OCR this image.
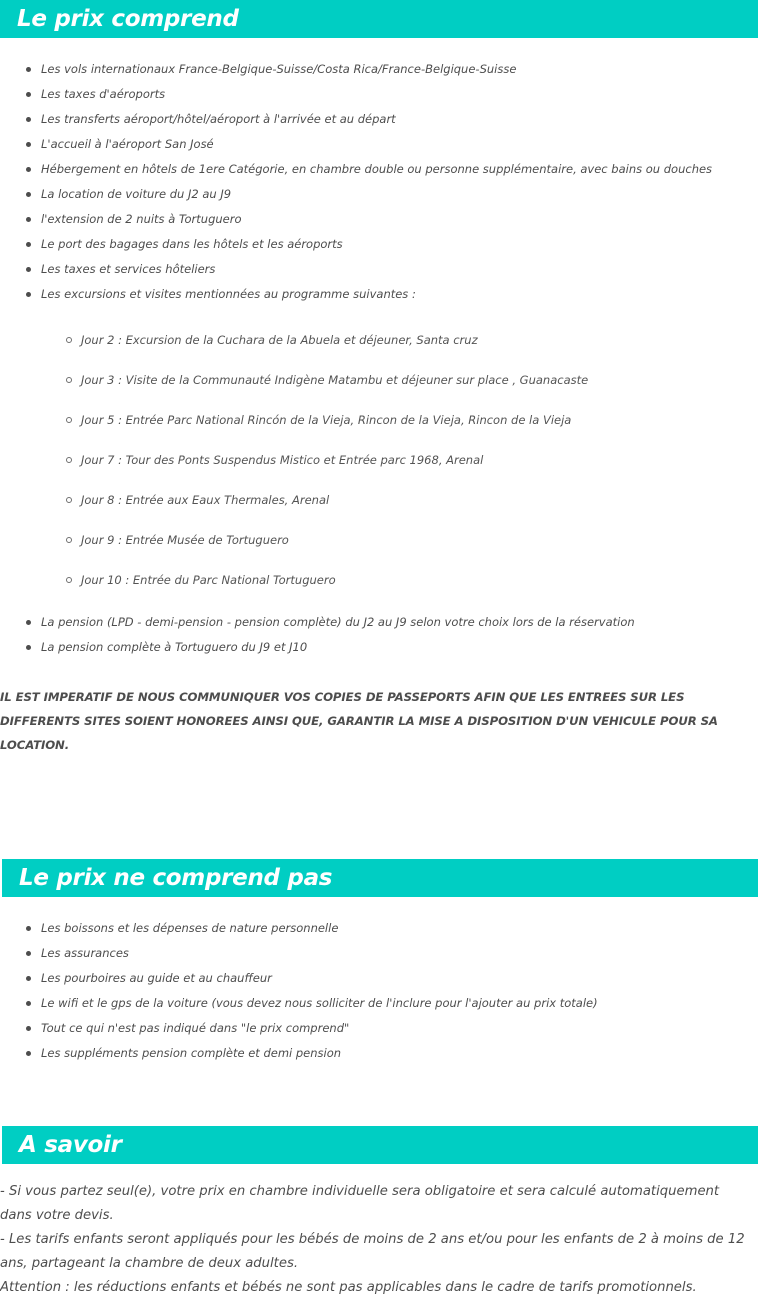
Le prix comprend
Les vols internationaux France-Belgique-Suisse/Costa Rica/France-Belgique-Suisse
Les taxes d'aéroports
Les transferts aéroport/hôtel/aéroport à l'arrivée et au départ
L'accueil à l'aéroport San José
Hébergement en hôtels de 1ere Catégorie, en chambre double ou personne supplémentaire, avec bains ou douches
La location de voiture du J2 au J9
l'extension de 2 nuits à Tortuguero
Le port des bagages dans les hôtels et les aéroports
Les taxes et services hôteliers
Les excursions et visites mentionnées au programme suivantes :
Jour 2 : Excursion de la Cuchara de la Abuela et déjeuner, Santa cruz
Jour 3 : Visite de la Communauté Indigène Matambu et déjeuner sur place , Guanacaste
Jour 5 : Entrée Parc National Rincón de la Vieja, Rincon de la Vieja, Rincon de la Vieja
Jour 7 : Tour des Ponts Suspendus Mistico et Entrée parc 1968, Arenal
Jour 8 : Entrée aux Eaux Thermales, Arenal
Jour 9 : Entrée Musée de Tortuguero
Jour 10 : Entrée du Parc National Tortuguero
La pension (LPD - demi-pension - pension complète) du J2 au J9 selon votre choix lors de la réservation
La pension complète à Tortuguero du J9 et J10

IL EST IMPERATIF DE NOUS COMMUNIQUER VOS COPIES DE PASSEPORTS AFIN QUE LES ENTREES SUR LES DIFFERENTS SITES SOIENT HONOREES AINSI QUE, GARANTIR LA MISE A DISPOSITION D'UN VEHICULE POUR SA LOCATION.

Le prix ne comprend pas
Les boissons et les dépenses de nature personnelle
Les assurances
Les pourboires au guide et au chauffeur
Le wifi et le gps de la voiture (vous devez nous solliciter de l'inclure pour l'ajouter au prix totale)
Tout ce qui n'est pas indiqué dans "le prix comprend"
Les suppléments pension complète et demi pension
A savoir

- Si vous partez seul(e), votre prix en chambre individuelle sera obligatoire et sera calculé automatiquement dans votre devis.

- Les tarifs enfants seront appliqués pour les bébés de moins de 2 ans et/ou pour les enfants de 2 à moins de 12 ans, partageant la chambre de deux adultes.

Attention : les réductions enfants et bébés ne sont pas applicables dans le cadre de tarifs promotionnels.
